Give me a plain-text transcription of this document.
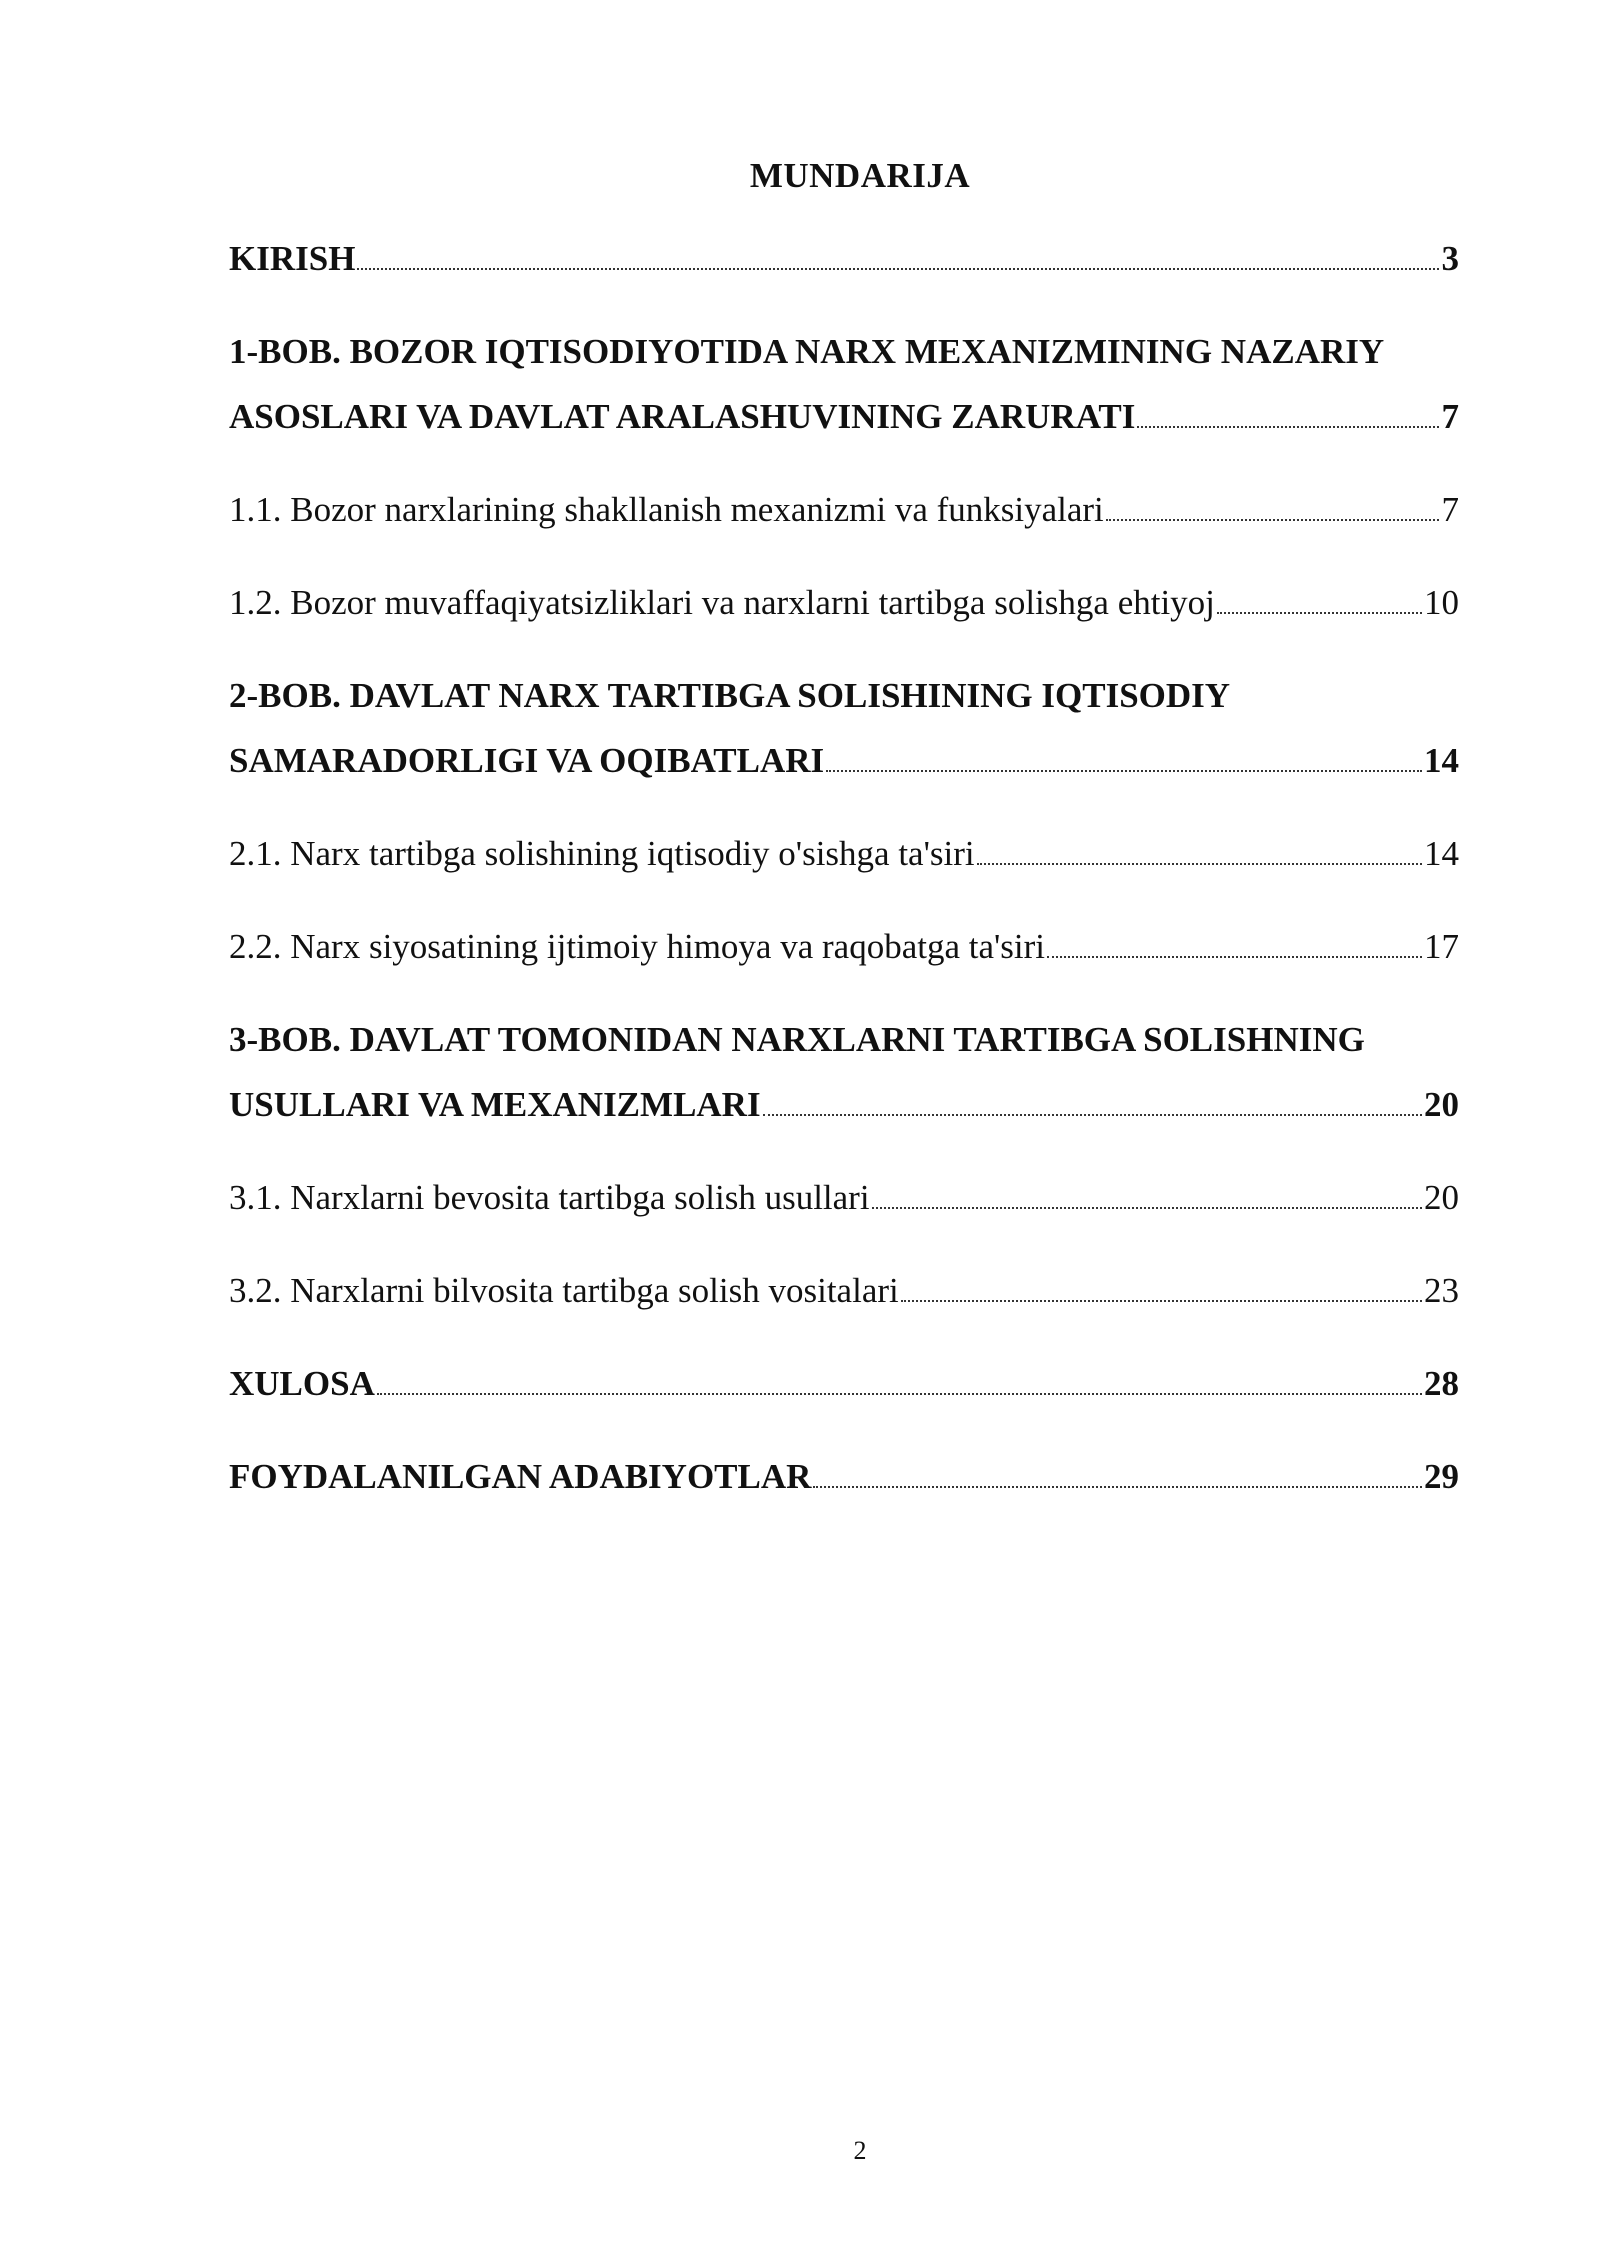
MUNDARIJA
KIRISH	3
1-BOB. BOZOR IQTISODIYOTIDA NARX MEXANIZMINING NAZARIY
ASOSLARI VA DAVLAT ARALASHUVINING ZARURATI	7
1.1. Bozor narxlarining shakllanish mexanizmi va funksiyalari	7
1.2. Bozor muvaffaqiyatsizliklari va narxlarni tartibga solishga ehtiyoj	10
2-BOB. DAVLAT NARX TARTIBGA SOLISHINING IQTISODIY
SAMARADORLIGI VA OQIBATLARI	14
2.1. Narx tartibga solishining iqtisodiy o'sishga ta'siri	14
2.2. Narx siyosatining ijtimoiy himoya va raqobatga ta'siri	17
3-BOB. DAVLAT TOMONIDAN NARXLARNI TARTIBGA SOLISHNING
USULLARI VA MEXANIZMLARI	20
3.1. Narxlarni bevosita tartibga solish usullari	20
3.2. Narxlarni bilvosita tartibga solish vositalari	23
XULOSA	28
FOYDALANILGAN ADABIYOTLAR	29
2
